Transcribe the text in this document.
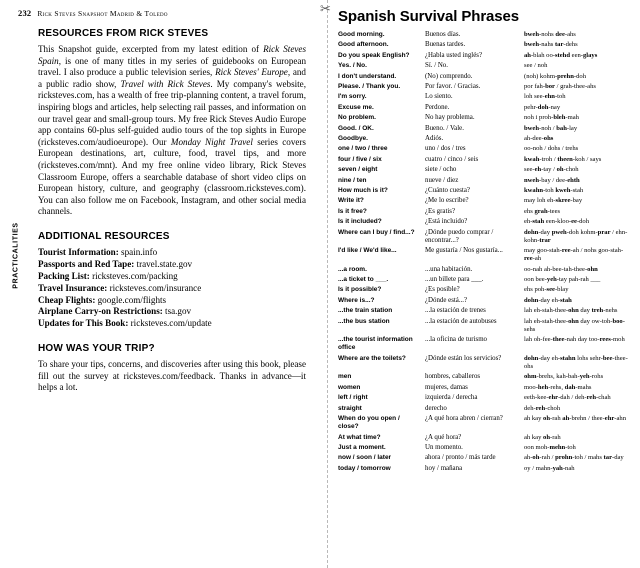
232 Rick Steves Snapshot Madrid & Toledo
PRACTICALITIES
RESOURCES FROM RICK STEVES

This Snapshot guide, excerpted from my latest edition of Rick Steves Spain, is one of many titles in my series of guidebooks on European travel. I also produce a public television series, Rick Steves' Europe, and a public radio show, Travel with Rick Steves. My company's website, ricksteves.com, has a wealth of free trip-planning content, a travel forum, inspiring blogs and articles, help selecting rail passes, and information on our travel gear and small-group tours. My free Rick Steves Audio Europe app contains 60-plus self-guided audio tours of the top sights in Europe (ricksteves.com/audioeurope). Our Monday Night Travel series covers European destinations, art, culture, food, travel tips, and more (ricksteves.com/mnt). And my free online video library, Rick Steves Classroom Europe, offers a searchable database of short video clips on European history, culture, and geography (classroom.ricksteves.com). You can also follow me on Facebook, Instagram, and other social media channels.

ADDITIONAL RESOURCES
Tourist Information: spain.info
Passports and Red Tape: travel.state.gov
Packing List: ricksteves.com/packing
Travel Insurance: ricksteves.com/insurance
Cheap Flights: google.com/flights
Airplane Carry-on Restrictions: tsa.gov
Updates for This Book: ricksteves.com/update
HOW WAS YOUR TRIP?

To share your tips, concerns, and discoveries after using this book, please fill out the survey at ricksteves.com/feedback. Thanks in advance—it helps a lot.

✂ Spanish Survival Phrases
Good morning.	Buenos días.	bweh-nohs dee-ahs
Good afternoon.	Buenas tardes.	bweh-nahs tar-dehs
Do you speak English?	¿Habla usted inglés?	ah-blah oo-stehd een-glays
Yes. / No.	Sí. / No.	see / noh
I don't understand.	(No) comprendo.	(noh) kohm-prehn-doh
Please. / Thank you.	Por favor. / Gracias.	por fah-bor / grah-thee-ahs
I'm sorry.	Lo siento.	loh see-ehn-toh
Excuse me.	Perdone.	pehr-doh-nay
No problem.	No hay problema.	noh i proh-bleh-mah
Good. / OK.	Bueno. / Vale.	bweh-noh / bah-lay
Goodbye.	Adiós.	ah-dee-ohs
one / two / three	uno / dos / tres	oo-noh / dohs / trehs
four / five / six	cuatro / cinco / seis	kwah-troh / theen-koh / says
seven / eight	siete / ocho	see-eh-tay / oh-choh
nine / ten	nueve / diez	nweh-bay / dee-ehth
How much is it?	¿Cuánto cuesta?	kwahn-toh kweh-stah
Write it?	¿Me lo escribe?	may loh eh-skree-bay
Is it free?	¿Es gratis?	ehs grah-tees
Is it included?	¿Está incluido?	eh-stah een-kloo-ee-doh
Where can I buy / find...?	¿Dónde puedo comprar / encontrar...?	dohn-day pweh-doh kohm-prar / ehn-kohn-trar
I'd like / We'd like...	Me gustaría / Nos gustaría...	may goo-stah-ree-ah / nohs goo-stah-ree-ah
...a room.	...una habitación.	oo-nah ah-bee-tah-thee-ohn
...a ticket to ___.	...un billete para ___.	oon bee-yeh-tay pah-rah ___
Is it possible?	¿Es posible?	ehs poh-see-blay
Where is...?	¿Dónde está...?	dohn-day eh-stah
...the train station	...la estación de trenes	lah eh-stah-thee-ohn day treh-nehs
...the bus station	...la estación de autobuses	lah eh-stah-thee-ohn day ow-toh-boo-sehs
...the tourist information office	...la oficina de turismo	lah oh-fee-thee-nah day too-rees-moh
Where are the toilets?	¿Dónde están los servicios?	dohn-day eh-stahn lohs sehr-bee-thee-ohs
men	hombres, caballeros	ohm-brehs, kah-bah-yeh-rohs
women	mujeres, damas	moo-heh-rehs, dah-mahs
left / right	izquierda / derecha	eeth-kee-ehr-dah / deh-reh-chah
straight	derecho	deh-reh-choh
When do you open / close?	¿A qué hora abren / cierran?	ah kay oh-rah ah-brehn / thee-ehr-ahn
At what time?	¿A qué hora?	ah kay oh-rah
Just a moment.	Un momento.	oon moh-mehn-toh
now / soon / later	ahora / pronto / más tarde	ah-oh-rah / prohn-toh / mahs tar-day
today / tomorrow	hoy / mañana	oy / mahn-yah-nah
